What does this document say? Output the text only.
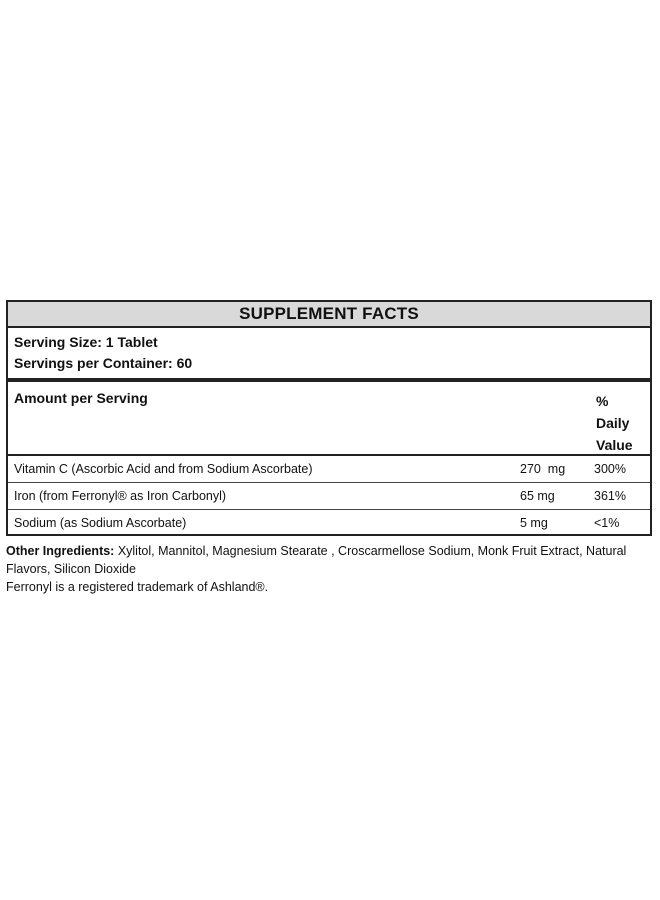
SUPPLEMENT FACTS
Serving Size: 1 Tablet
Servings per Container: 60
Amount per Serving	%
Daily
Value
Vitamin C (Ascorbic Acid and from Sodium Ascorbate)	270  mg 300%
Iron (from Ferronyl® as Iron Carbonyl)	65 mg	361%
Sodium (as Sodium Ascorbate)	5 mg	<1%
Other Ingredients: Xylitol, Mannitol, Magnesium Stearate , Croscarmellose Sodium, Monk Fruit Extract, Natural Flavors, Silicon Dioxide
Ferronyl is a registered trademark of Ashland®.
